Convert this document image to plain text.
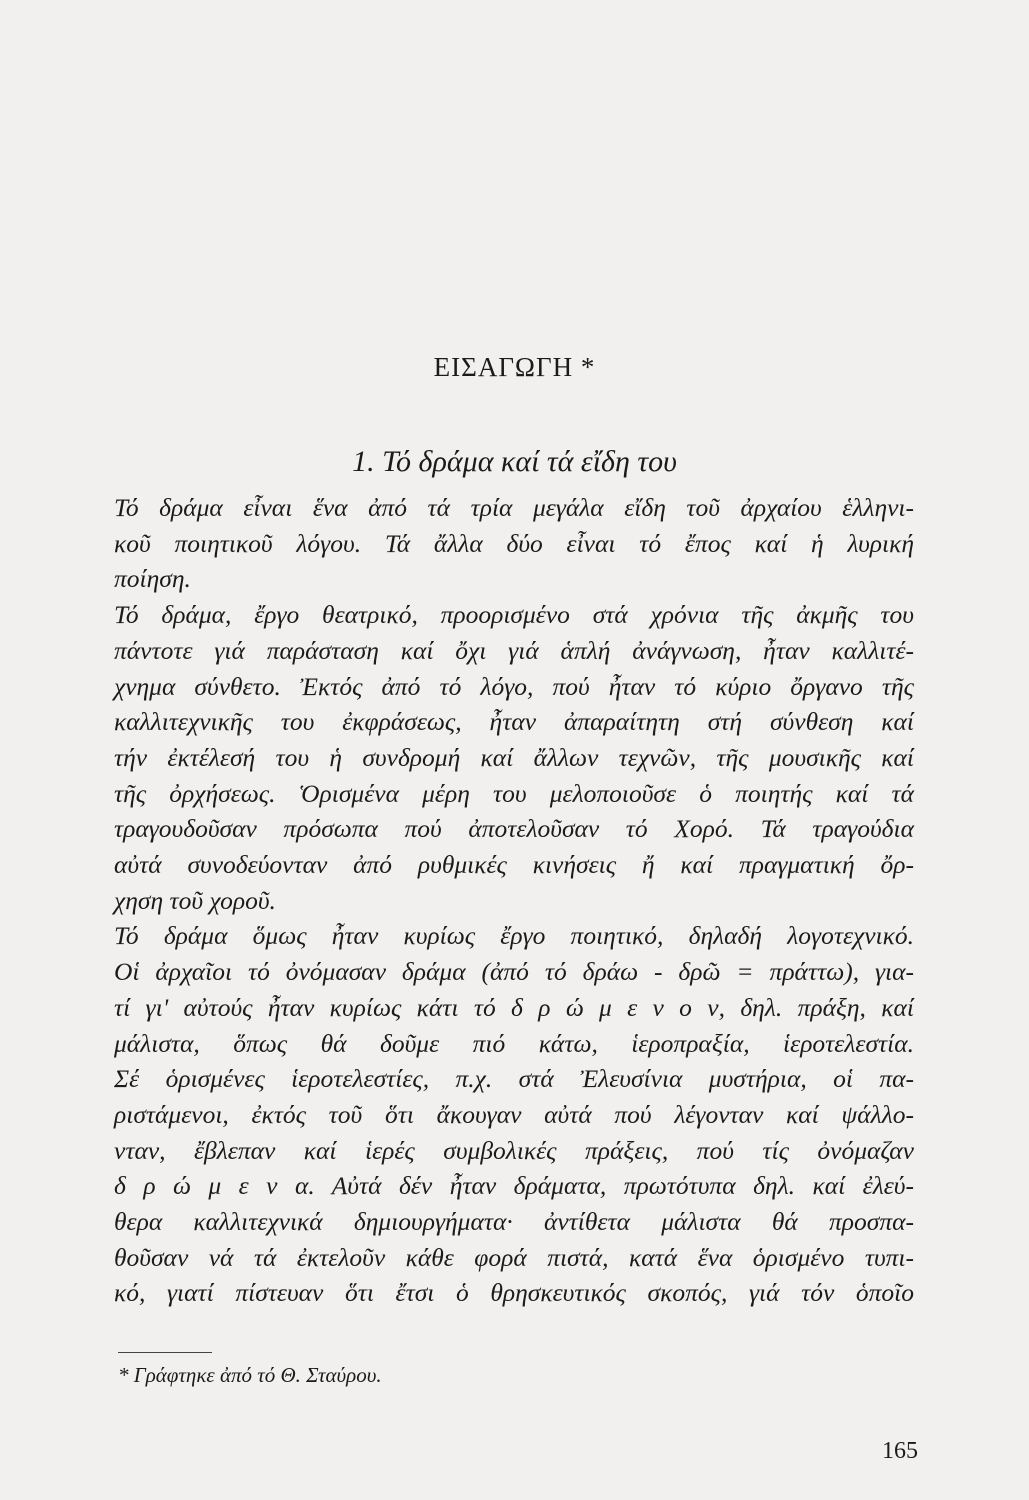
ΕΙΣΑΓΩΓΗ *
1. Τό δράμα καί τά εἴδη του
Τό δράμα εἶναι ἕνα ἀπό τά τρία μεγάλα εἴδη τοῦ ἀρχαίου ἑλληνι-
κοῦ ποιητικοῦ λόγου. Τά ἄλλα δύο εἶναι τό ἔπος καί ἡ λυρική
ποίηση.
Τό δράμα, ἔργο θεατρικό, προορισμένο στά χρόνια τῆς ἀκμῆς του
πάντοτε γιά παράσταση καί ὄχι γιά ἁπλή ἀνάγνωση, ἦταν καλλιτέ-
χνημα σύνθετο. Ἐκτός ἀπό τό λόγο, πού ἦταν τό κύριο ὄργανο τῆς
καλλιτεχνικῆς του ἐκφράσεως, ἦταν ἀπαραίτητη στή σύνθεση καί
τήν ἐκτέλεσή του ἡ συνδρομή καί ἄλλων τεχνῶν, τῆς μουσικῆς καί
τῆς ὀρχήσεως. Ὁρισμένα μέρη του μελοποιοῦσε ὁ ποιητής καί τά
τραγουδοῦσαν πρόσωπα πού ἀποτελοῦσαν τό Χορό. Τά τραγούδια
αὐτά συνοδεύονταν ἀπό ρυθμικές κινήσεις ἤ καί πραγματική ὄρ-
χηση τοῦ χοροῦ.
Τό δράμα ὅμως ἦταν κυρίως ἔργο ποιητικό, δηλαδή λογοτεχνικό.
Οἱ ἀρχαῖοι τό ὀνόμασαν δράμα (ἀπό τό δράω - δρῶ = πράττω), για-
τί γι' αὐτούς ἦταν κυρίως κάτι τό δ ρ ώ μ ε ν ο ν, δηλ. πράξη, καί
μάλιστα, ὅπως θά δοῦμε πιό κάτω, ἱεροπραξία, ἱεροτελεστία.
Σέ ὁρισμένες ἱεροτελεστίες, π.χ. στά Ἐλευσίνια μυστήρια, οἱ πα-
ριστάμενοι, ἐκτός τοῦ ὅτι ἄκουγαν αὐτά πού λέγονταν καί ψάλλο-
νταν, ἔβλεπαν καί ἱερές συμβολικές πράξεις, πού τίς ὀνόμαζαν
δ ρ ώ μ ε ν α. Αὐτά δέν ἦταν δράματα, πρωτότυπα δηλ. καί ἐλεύ-
θερα καλλιτεχνικά δημιουργήματα· ἀντίθετα μάλιστα θά προσπα-
θοῦσαν νά τά ἐκτελοῦν κάθε φορά πιστά, κατά ἕνα ὁρισμένο τυπι-
κό, γιατί πίστευαν ὅτι ἔτσι ὁ θρησκευτικός σκοπός, γιά τόν ὁποῖο
* Γράφτηκε ἀπό τό Θ. Σταύρου.
165
